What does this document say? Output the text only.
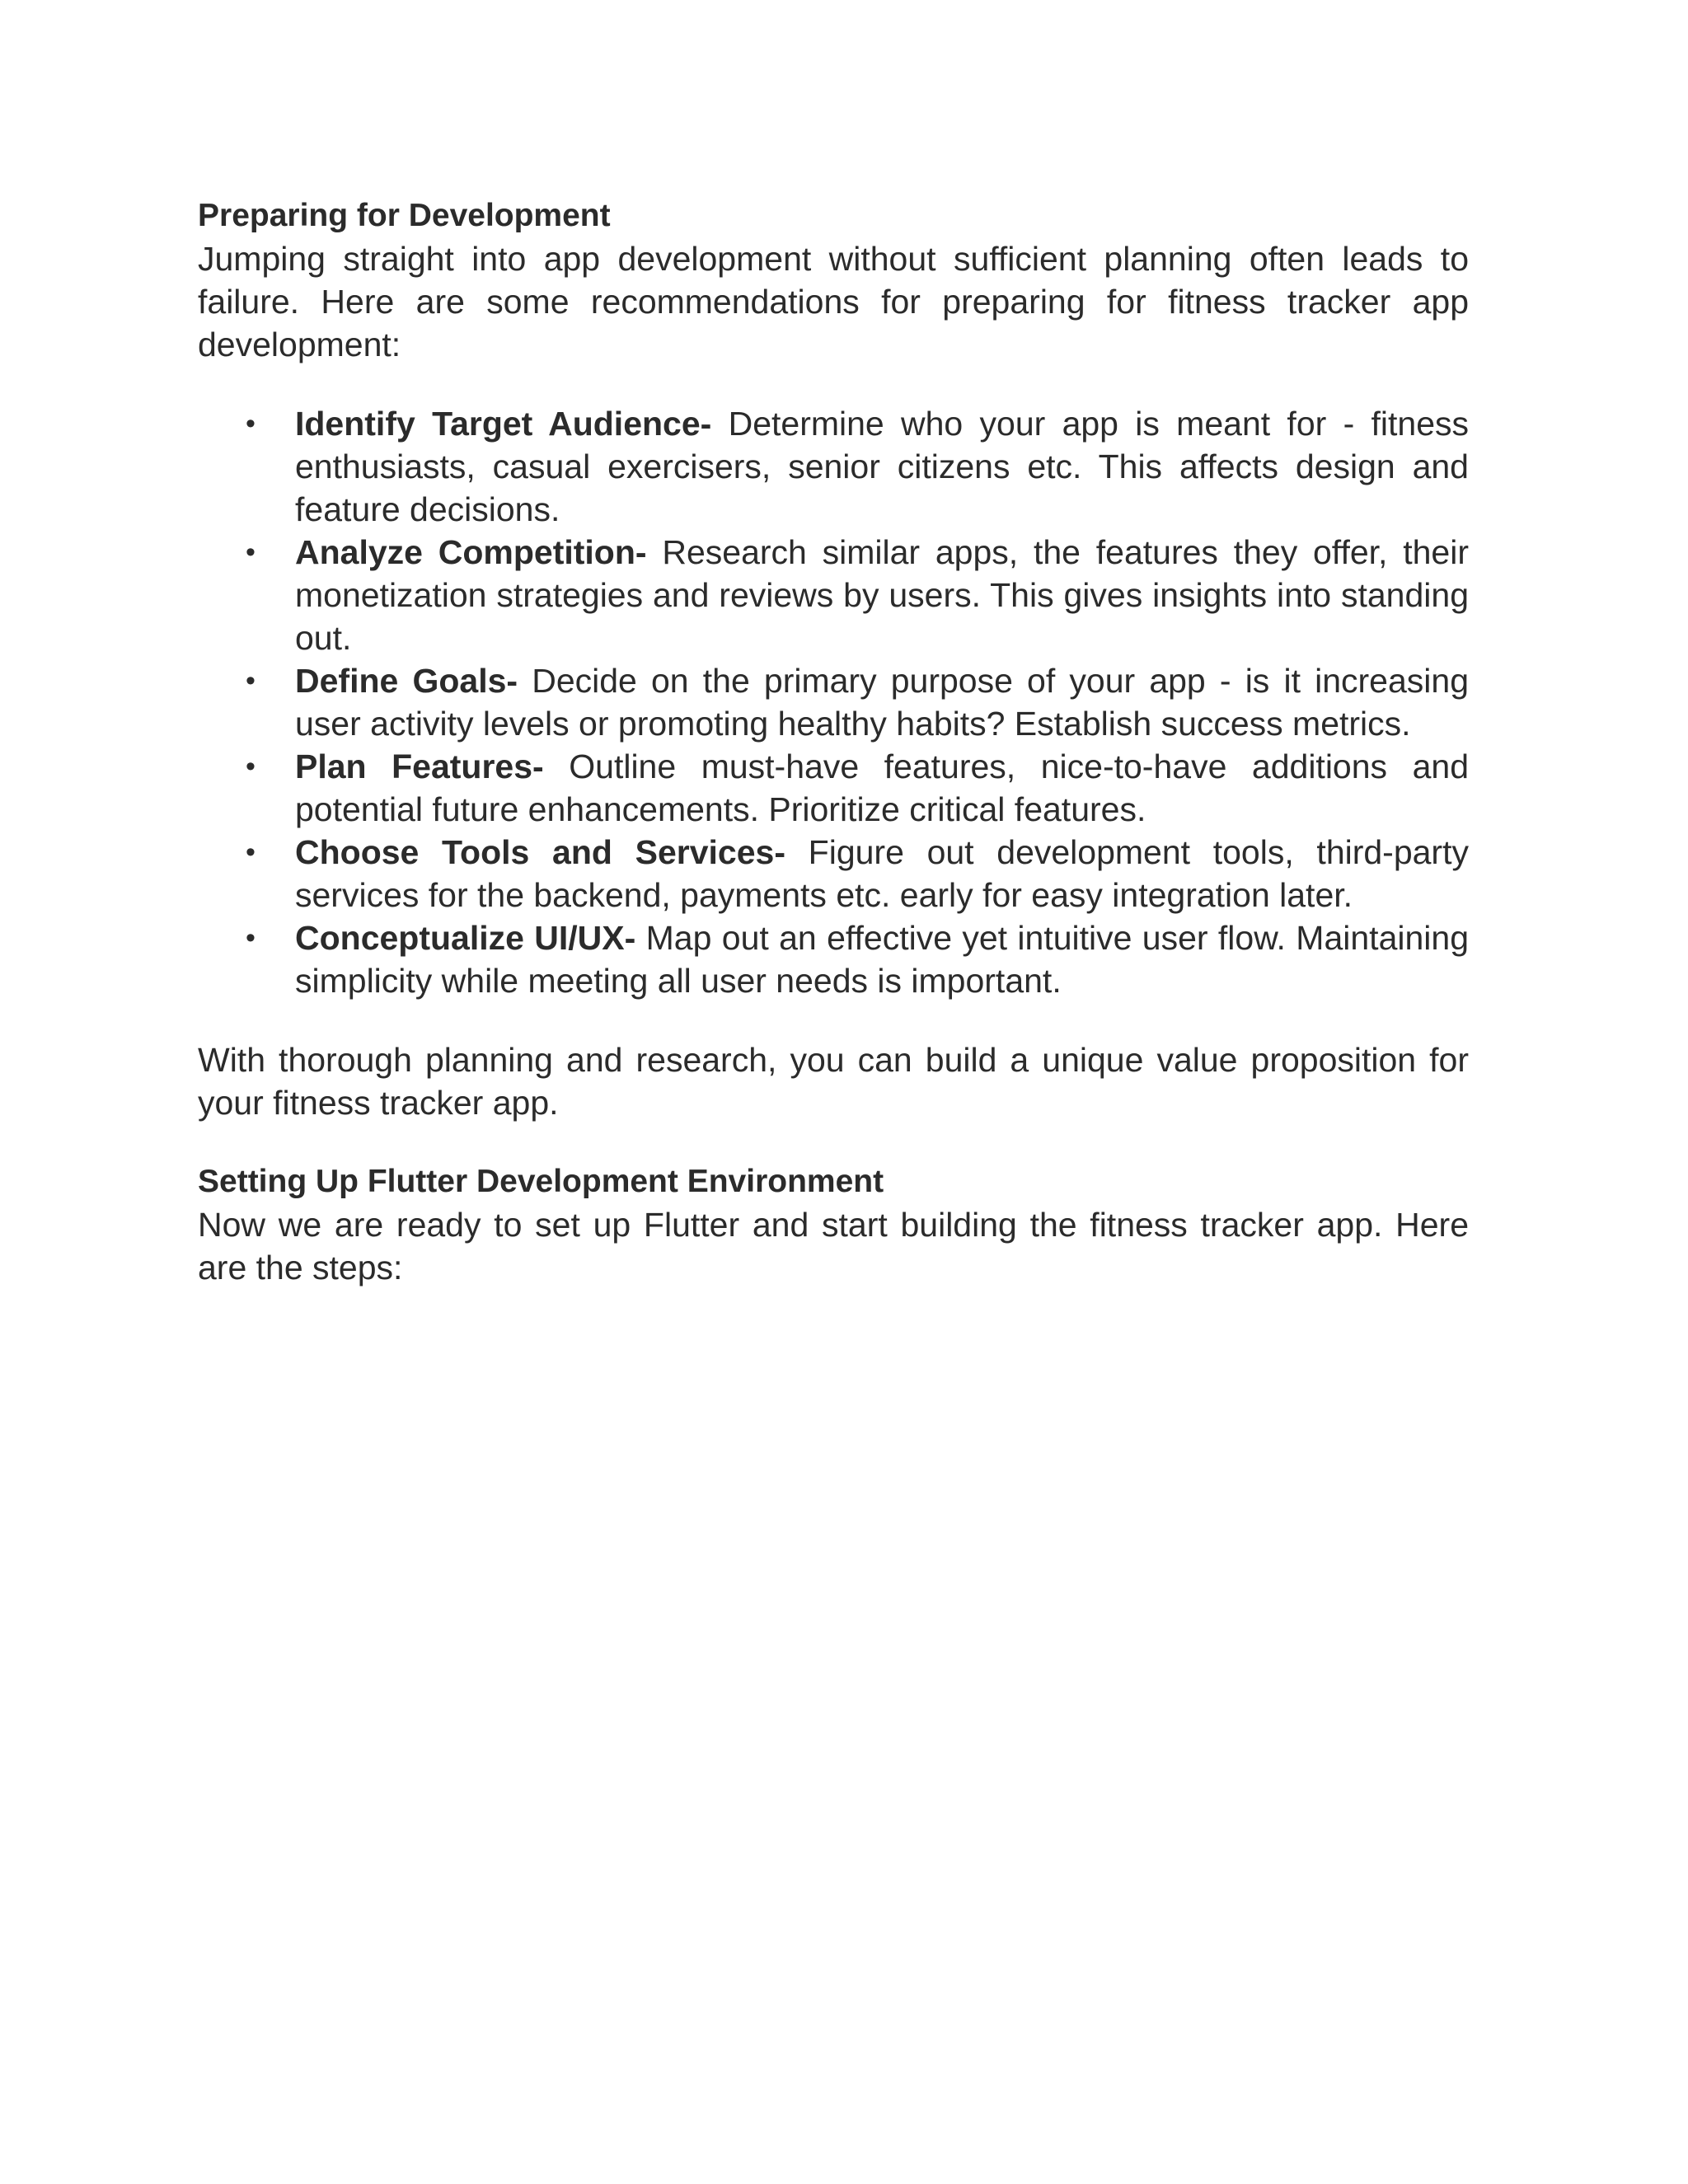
Preparing for Development

Jumping straight into app development without sufficient planning often leads to failure. Here are some recommendations for preparing for fitness tracker app development:

• Identify Target Audience- Determine who your app is meant for - fitness enthusiasts, casual exercisers, senior citizens etc. This affects design and feature decisions.
• Analyze Competition- Research similar apps, the features they offer, their monetization strategies and reviews by users. This gives insights into standing out.
• Define Goals- Decide on the primary purpose of your app - is it increasing user activity levels or promoting healthy habits? Establish success metrics.
• Plan Features- Outline must-have features, nice-to-have additions and potential future enhancements. Prioritize critical features.
• Choose Tools and Services- Figure out development tools, third-party services for the backend, payments etc. early for easy integration later.
• Conceptualize UI/UX- Map out an effective yet intuitive user flow. Maintaining simplicity while meeting all user needs is important.

With thorough planning and research, you can build a unique value proposition for your fitness tracker app.

Setting Up Flutter Development Environment

Now we are ready to set up Flutter and start building the fitness tracker app. Here are the steps:
